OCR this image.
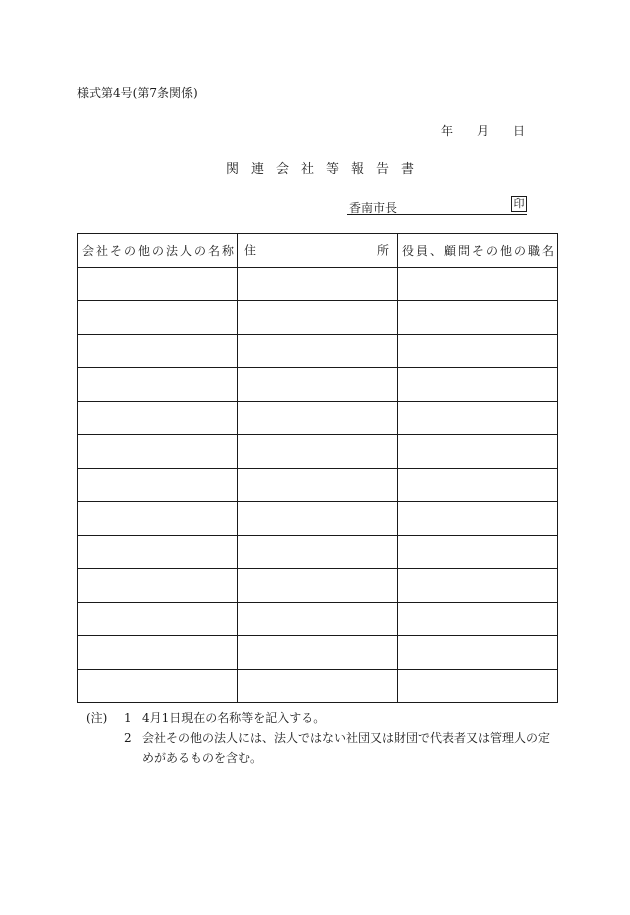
様式第4号(第7条関係)
年 月 日
関連会社等報告書
香南市長	印
会社その他の法人の名称	住 所	役員、顧問その他の職名

(注) 1 4月1日現在の名称等を記入する。
2 会社その他の法人には、法人ではない社団又は財団で代表者又は管理人の定めがあるものを含む。
